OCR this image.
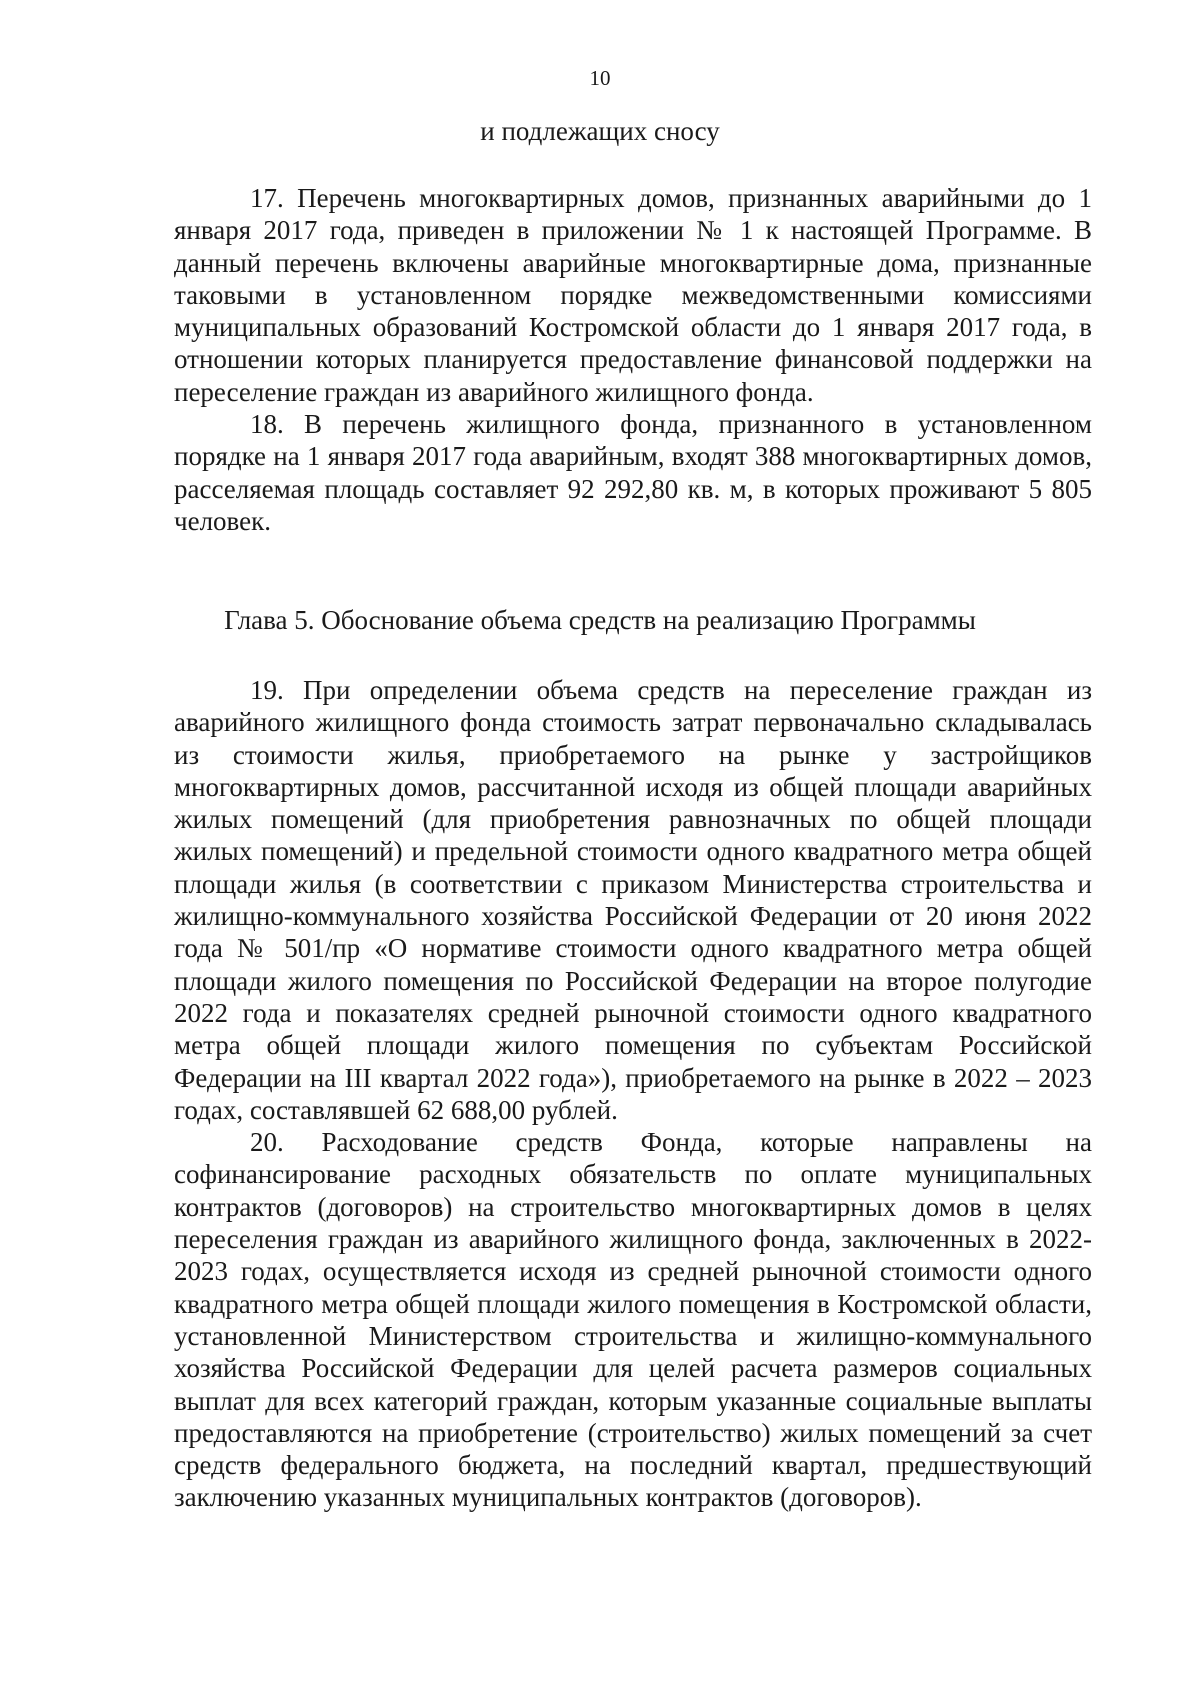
10
и подлежащих сносу

17. Перечень многоквартирных домов, признанных аварийными до 1 января 2017 года, приведен в приложении № 1 к настоящей Программе. В данный перечень включены аварийные многоквартирные дома, признанные таковыми в установленном порядке межведомственными комиссиями муниципальных образований Костромской области до 1 января 2017 года, в отношении которых планируется предоставление финансовой поддержки на переселение граждан из аварийного жилищного фонда.

18. В перечень жилищного фонда, признанного в установленном порядке на 1 января 2017 года аварийным, входят 388 многоквартирных домов, расселяемая площадь составляет 92 292,80 кв. м, в которых проживают 5 805 человек.

Глава 5. Обоснование объема средств на реализацию Программы

19. При определении объема средств на переселение граждан из аварийного жилищного фонда стоимость затрат первоначально складывалась из стоимости жилья, приобретаемого на рынке у застройщиков многоквартирных домов, рассчитанной исходя из общей площади аварийных жилых помещений (для приобретения равнозначных по общей площади жилых помещений) и предельной стоимости одного квадратного метра общей площади жилья (в соответствии с приказом Министерства строительства и жилищно-коммунального хозяйства Российской Федерации от 20 июня 2022 года № 501/пр «О нормативе стоимости одного квадратного метра общей площади жилого помещения по Российской Федерации на второе полугодие 2022 года и показателях средней рыночной стоимости одного квадратного метра общей площади жилого помещения по субъектам Российской Федерации на III квартал 2022 года»), приобретаемого на рынке в 2022 – 2023 годах, составлявшей 62 688,00 рублей.

20. Расходование средств Фонда, которые направлены на софинансирование расходных обязательств по оплате муниципальных контрактов (договоров) на строительство многоквартирных домов в целях переселения граждан из аварийного жилищного фонда, заключенных в 2022-2023 годах, осуществляется исходя из средней рыночной стоимости одного квадратного метра общей площади жилого помещения в Костромской области, установленной Министерством строительства и жилищно-коммунального хозяйства Российской Федерации для целей расчета размеров социальных выплат для всех категорий граждан, которым указанные социальные выплаты предоставляются на приобретение (строительство) жилых помещений за счет средств федерального бюджета, на последний квартал, предшествующий заключению указанных муниципальных контрактов (договоров).
